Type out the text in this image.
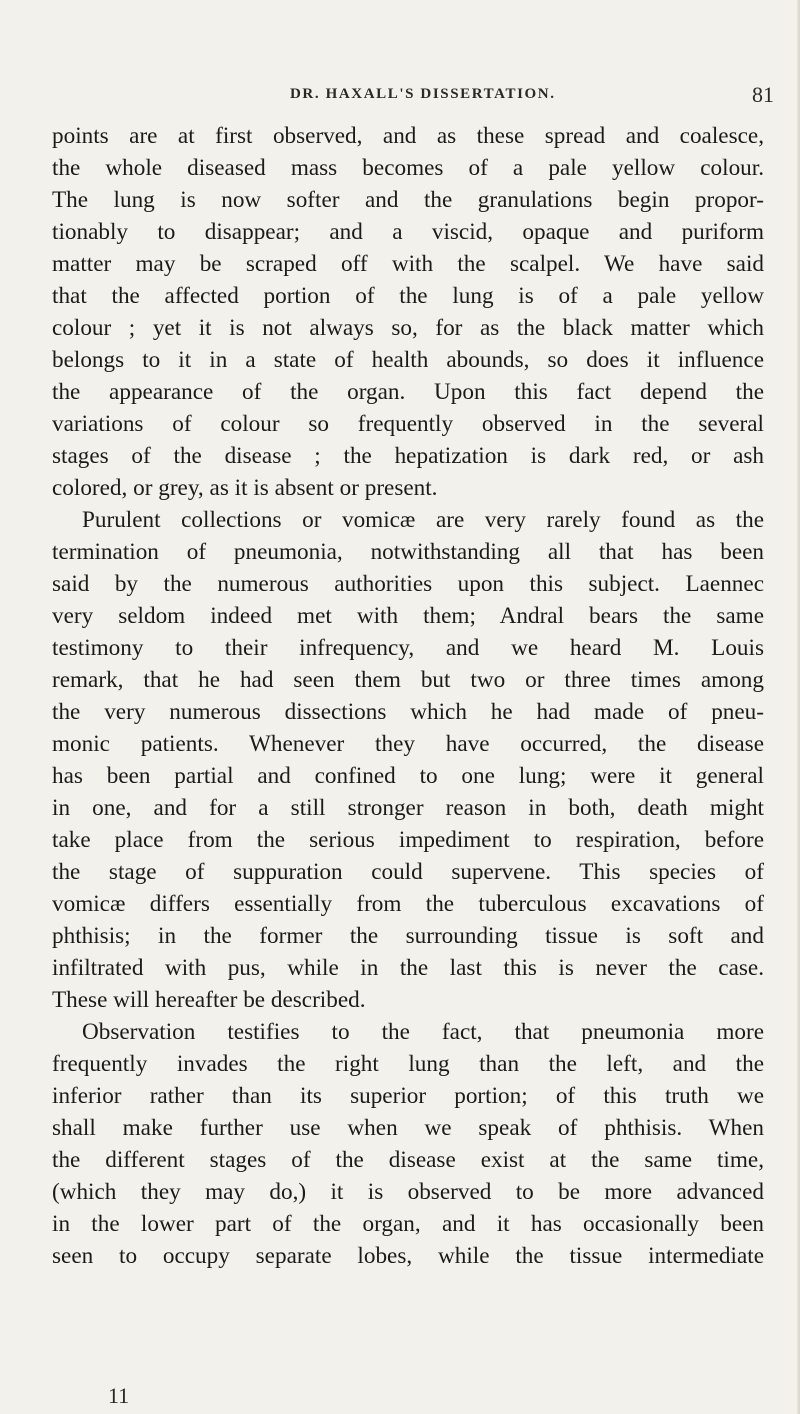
DR. HAXALL'S DISSERTATION.	81
points are at first observed, and as these spread and coalesce,
the whole diseased mass becomes of a pale yellow colour.
The lung is now softer and the granulations begin propor-
tionably to disappear; and a viscid, opaque and puriform
matter may be scraped off with the scalpel. We have said
that the affected portion of the lung is of a pale yellow
colour ; yet it is not always so, for as the black matter which
belongs to it in a state of health abounds, so does it influence
the appearance of the organ. Upon this fact depend the
variations of colour so frequently observed in the several
stages of the disease ; the hepatization is dark red, or ash
colored, or grey, as it is absent or present.
Purulent collections or vomicæ are very rarely found as the
termination of pneumonia, notwithstanding all that has been
said by the numerous authorities upon this subject. Laennec
very seldom indeed met with them; Andral bears the same
testimony to their infrequency, and we heard M. Louis
remark, that he had seen them but two or three times among
the very numerous dissections which he had made of pneu-
monic patients. Whenever they have occurred, the disease
has been partial and confined to one lung; were it general
in one, and for a still stronger reason in both, death might
take place from the serious impediment to respiration, before
the stage of suppuration could supervene. This species of
vomicæ differs essentially from the tuberculous excavations of
phthisis; in the former the surrounding tissue is soft and
infiltrated with pus, while in the last this is never the case.
These will hereafter be described.
Observation testifies to the fact, that pneumonia more
frequently invades the right lung than the left, and the
inferior rather than its superior portion; of this truth we
shall make further use when we speak of phthisis. When
the different stages of the disease exist at the same time,
(which they may do,) it is observed to be more advanced
in the lower part of the organ, and it has occasionally been
seen to occupy separate lobes, while the tissue intermediate
11
